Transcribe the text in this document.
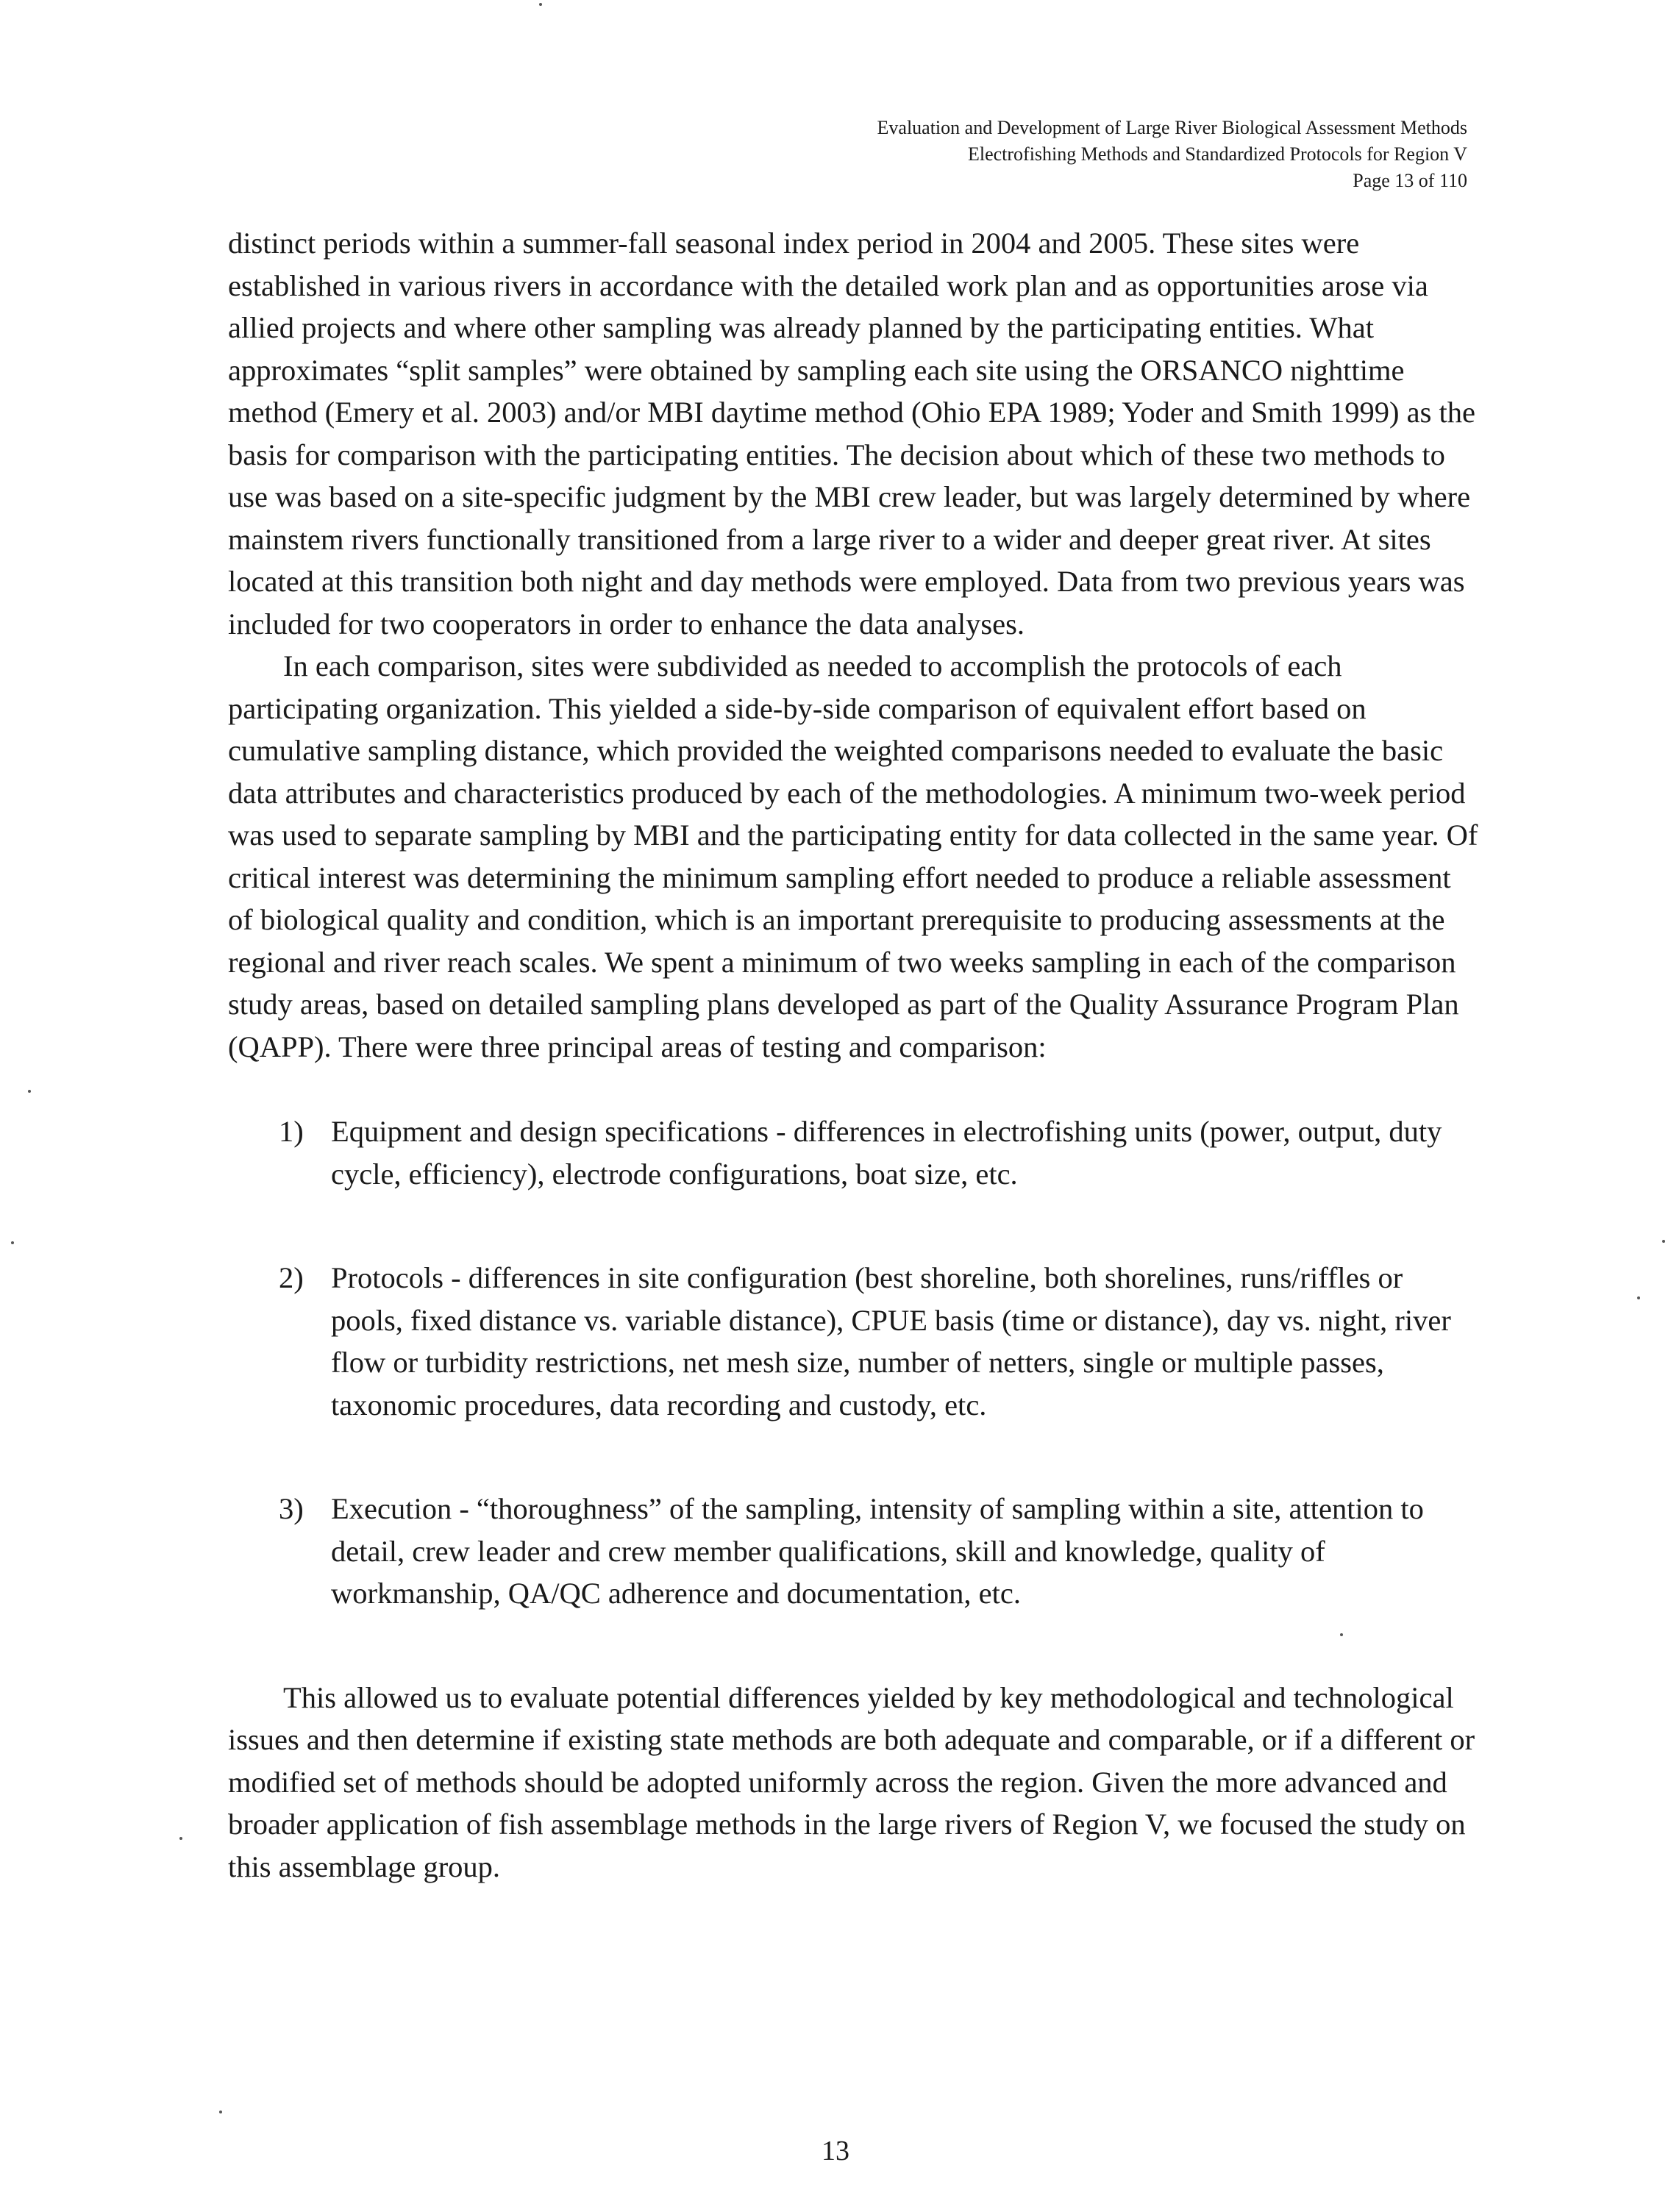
Evaluation and Development of Large River Biological Assessment Methods
Electrofishing Methods and Standardized Protocols for Region V
Page 13 of 110

distinct periods within a summer-fall seasonal index period in 2004 and 2005. These sites were established in various rivers in accordance with the detailed work plan and as opportunities arose via allied projects and where other sampling was already planned by the participating entities. What approximates “split samples” were obtained by sampling each site using the ORSANCO nighttime method (Emery et al. 2003) and/or MBI daytime method (Ohio EPA 1989; Yoder and Smith 1999) as the basis for comparison with the participating entities. The decision about which of these two methods to use was based on a site-specific judgment by the MBI crew leader, but was largely determined by where mainstem rivers functionally transitioned from a large river to a wider and deeper great river. At sites located at this transition both night and day methods were employed. Data from two previous years was included for two cooperators in order to enhance the data analyses.

In each comparison, sites were subdivided as needed to accomplish the protocols of each participating organization. This yielded a side-by-side comparison of equivalent effort based on cumulative sampling distance, which provided the weighted comparisons needed to evaluate the basic data attributes and characteristics produced by each of the methodologies. A minimum two-week period was used to separate sampling by MBI and the participating entity for data collected in the same year. Of critical interest was determining the minimum sampling effort needed to produce a reliable assessment of biological quality and condition, which is an important prerequisite to producing assessments at the regional and river reach scales. We spent a minimum of two weeks sampling in each of the comparison study areas, based on detailed sampling plans developed as part of the Quality Assurance Program Plan (QAPP). There were three principal areas of testing and comparison:

1) Equipment and design specifications - differences in electrofishing units (power, output, duty cycle, efficiency), electrode configurations, boat size, etc.
2) Protocols - differences in site configuration (best shoreline, both shorelines, runs/riffles or pools, fixed distance vs. variable distance), CPUE basis (time or distance), day vs. night, river flow or turbidity restrictions, net mesh size, number of netters, single or multiple passes, taxonomic procedures, data recording and custody, etc.
3) Execution - “thoroughness” of the sampling, intensity of sampling within a site, attention to detail, crew leader and crew member qualifications, skill and knowledge, quality of workmanship, QA/QC adherence and documentation, etc.

This allowed us to evaluate potential differences yielded by key methodological and technological issues and then determine if existing state methods are both adequate and comparable, or if a different or modified set of methods should be adopted uniformly across the region. Given the more advanced and broader application of fish assemblage methods in the large rivers of Region V, we focused the study on this assemblage group.

13
